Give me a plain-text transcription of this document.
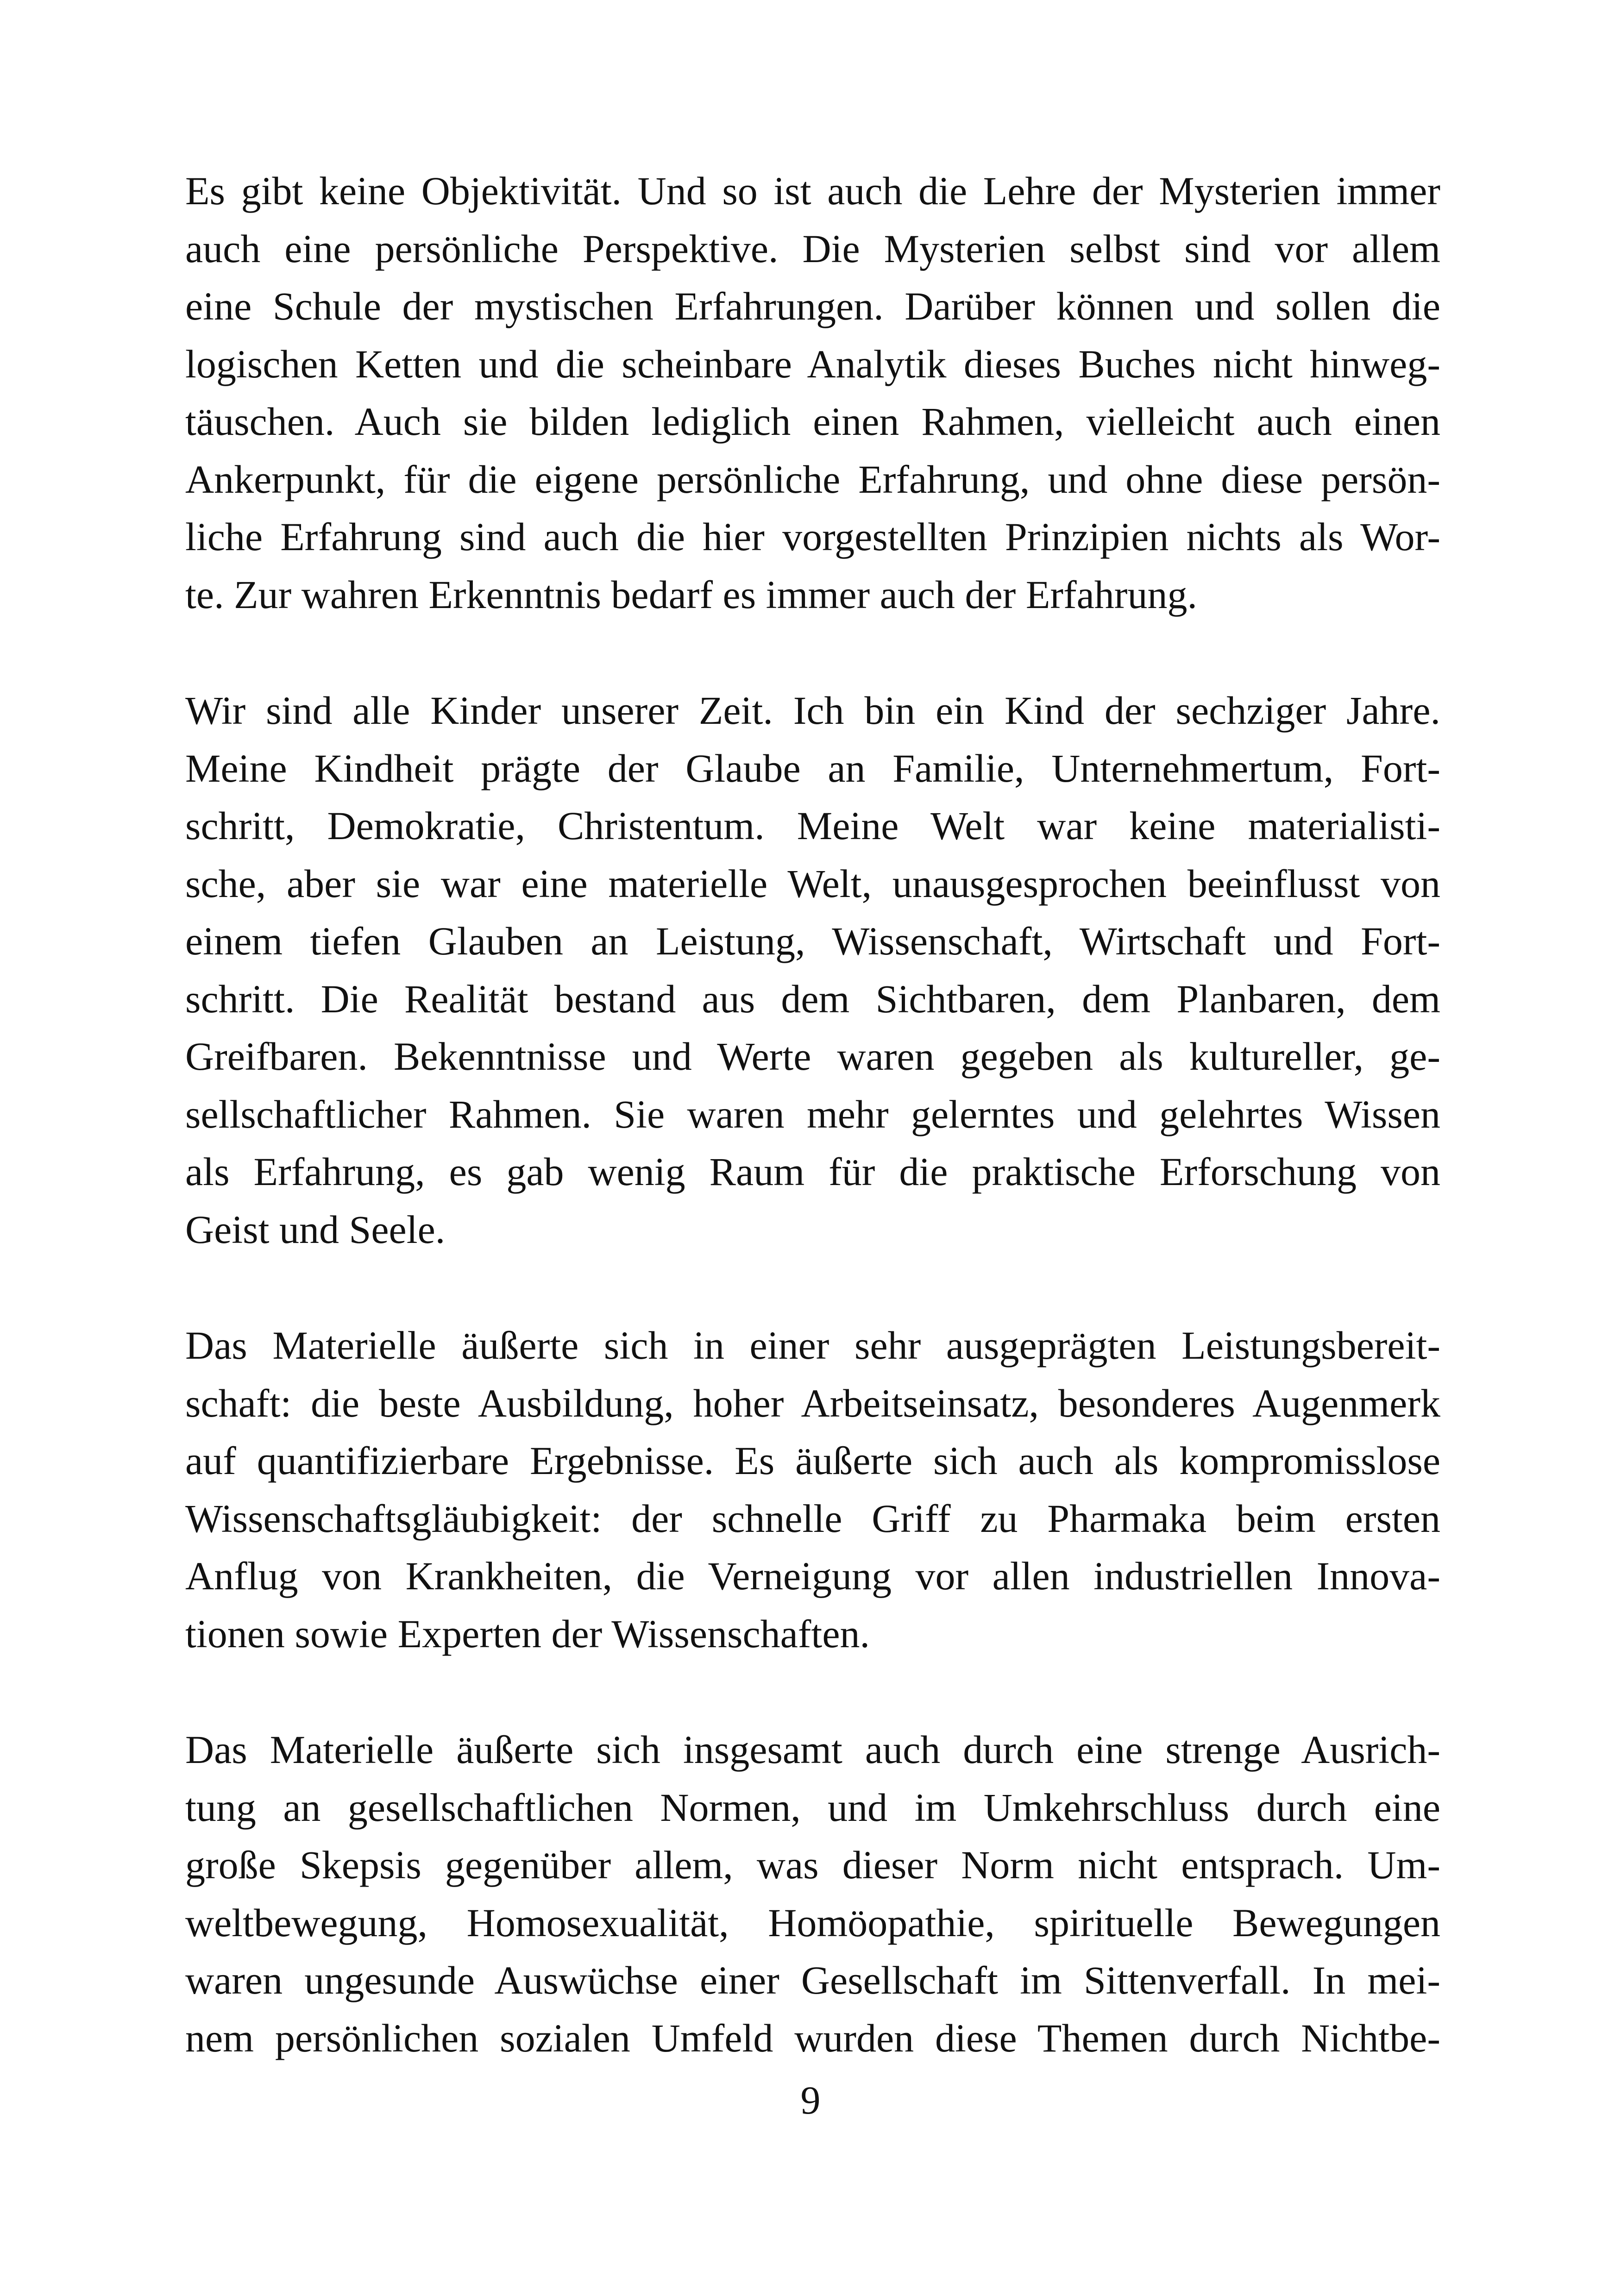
Es gibt keine Objektivität. Und so ist auch die Lehre der Mysterien immer
auch eine persönliche Perspektive. Die Mysterien selbst sind vor allem
eine Schule der mystischen Erfahrungen. Darüber können und sollen die
logischen Ketten und die scheinbare Analytik dieses Buches nicht hinweg-
täuschen. Auch sie bilden lediglich einen Rahmen, vielleicht auch einen
Ankerpunkt, für die eigene persönliche Erfahrung, und ohne diese persön-
liche Erfahrung sind auch die hier vorgestellten Prinzipien nichts als Wor-
te. Zur wahren Erkenntnis bedarf es immer auch der Erfahrung.

Wir sind alle Kinder unserer Zeit. Ich bin ein Kind der sechziger Jahre.
Meine Kindheit prägte der Glaube an Familie, Unternehmertum, Fort-
schritt, Demokratie, Christentum. Meine Welt war keine materialisti-
sche, aber sie war eine materielle Welt, unausgesprochen beeinflusst von
einem tiefen Glauben an Leistung, Wissenschaft, Wirtschaft und Fort-
schritt. Die Realität bestand aus dem Sichtbaren, dem Planbaren, dem
Greifbaren. Bekenntnisse und Werte waren gegeben als kultureller, ge-
sellschaftlicher Rahmen. Sie waren mehr gelerntes und gelehrtes Wissen
als Erfahrung, es gab wenig Raum für die praktische Erforschung von
Geist und Seele.

Das Materielle äußerte sich in einer sehr ausgeprägten Leistungsbereit-
schaft: die beste Ausbildung, hoher Arbeitseinsatz, besonderes Augenmerk
auf quantifizierbare Ergebnisse. Es äußerte sich auch als kompromisslose
Wissenschaftsgläubigkeit: der schnelle Griff zu Pharmaka beim ersten
Anflug von Krankheiten, die Verneigung vor allen industriellen Innova-
tionen sowie Experten der Wissenschaften.

Das Materielle äußerte sich insgesamt auch durch eine strenge Ausrich-
tung an gesellschaftlichen Normen, und im Umkehrschluss durch eine
große Skepsis gegenüber allem, was dieser Norm nicht entsprach. Um-
weltbewegung, Homosexualität, Homöopathie, spirituelle Bewegungen
waren ungesunde Auswüchse einer Gesellschaft im Sittenverfall. In mei-
nem persönlichen sozialen Umfeld wurden diese Themen durch Nichtbe-

9
